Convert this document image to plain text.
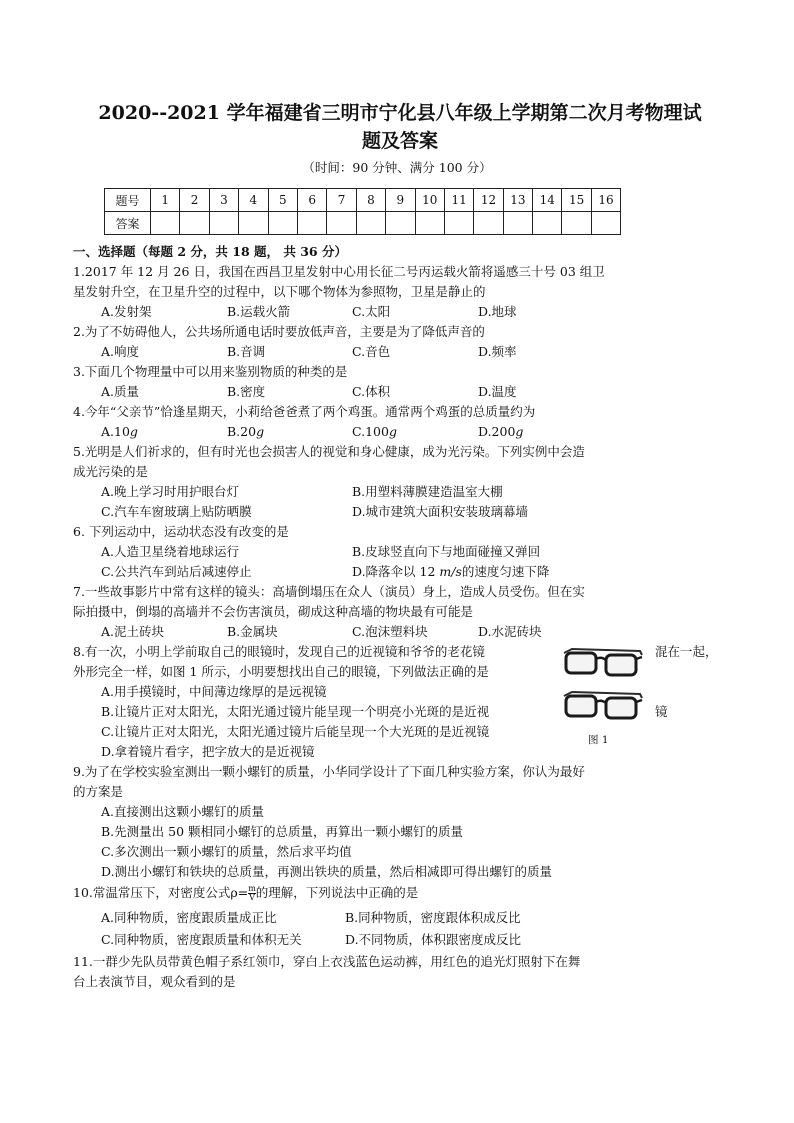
2020--2021 学年福建省三明市宁化县八年级上学期第二次月考物理试
题及答案
（时间：90 分钟、满分 100 分）
题号	1	2	3	4	5	6	7	8	9	10	11	12	13	14	15	16
答案																
一、选择题（每题 2 分，共 18 题， 共 36 分）
1.2017 年 12 月 26 日，我国在西昌卫星发射中心用长征二号丙运载火箭将遥感三十号 03 组卫
星发射升空，在卫星升空的过程中，以下哪个物体为参照物，卫星是静止的
A.发射架	B.运载火箭	C.太阳	D.地球
2.为了不妨碍他人，公共场所通电话时要放低声音，主要是为了降低声音的
A.响度	B.音调	C.音色	D.频率
3.下面几个物理量中可以用来鉴别物质的种类的是
A.质量	B.密度	C.体积	D.温度
4.今年“父亲节”恰逢星期天，小莉给爸爸煮了两个鸡蛋。通常两个鸡蛋的总质量约为
A.10g	B.20g	C.100g	D.200g
5.光明是人们祈求的，但有时光也会损害人的视觉和身心健康，成为光污染。下列实例中会造
成光污染的是
A.晚上学习时用护眼台灯	B.用塑料薄膜建造温室大棚
C.汽车车窗玻璃上贴防晒膜	D.城市建筑大面积安装玻璃幕墙
6. 下列运动中，运动状态没有改变的是
A.人造卫星绕着地球运行	B.皮球竖直向下与地面碰撞又弹回
C.公共汽车到站后减速停止	D.降落伞以 12 m/s的速度匀速下降
7.一些故事影片中常有这样的镜头：高墙倒塌压在众人（演员）身上，造成人员受伤。但在实
际拍摄中，倒塌的高墙并不会伤害演员，砌成这种高墙的物块最有可能是
A.泥土砖块	B.金属块	C.泡沫塑料块	D.水泥砖块
8.有一次，小明上学前取自己的眼镜时，发现自己的近视镜和爷爷的老花镜	混在一起，
外形完全一样，如图 1 所示，小明要想找出自己的眼镜，下列做法正确的是
A.用手摸镜时，中间薄边缘厚的是远视镜
B.让镜片正对太阳光，太阳光通过镜片能呈现一个明亮小光斑的是近视	镜
C.让镜片正对太阳光，太阳光通过镜片后能呈现一个大光斑的是近视镜
D.拿着镜片看字，把字放大的是近视镜
图 1
9.为了在学校实验室测出一颗小螺钉的质量，小华同学设计了下面几种实验方案，你认为最好
的方案是
A.直接测出这颗小螺钉的质量
B.先测量出 50 颗相同小螺钉的总质量，再算出一颗小螺钉的质量
C.多次测出一颗小螺钉的质量，然后求平均值
D.测出小螺钉和铁块的总质量，再测出铁块的质量，然后相减即可得出螺钉的质量
10.常温常压下，对密度公式$\rho= \frac{m}{V}$ 的理解，下列说法中正确的是
A.同种物质，密度跟质量成正比	B.同种物质，密度跟体积成反比
C.同种物质，密度跟质量和体积无关	D.不同物质，体积跟密度成反比
11.一群少先队员带黄色帽子系红领巾，穿白上衣浅蓝色运动裤，用红色的追光灯照射下在舞
台上表演节目，观众看到的是
